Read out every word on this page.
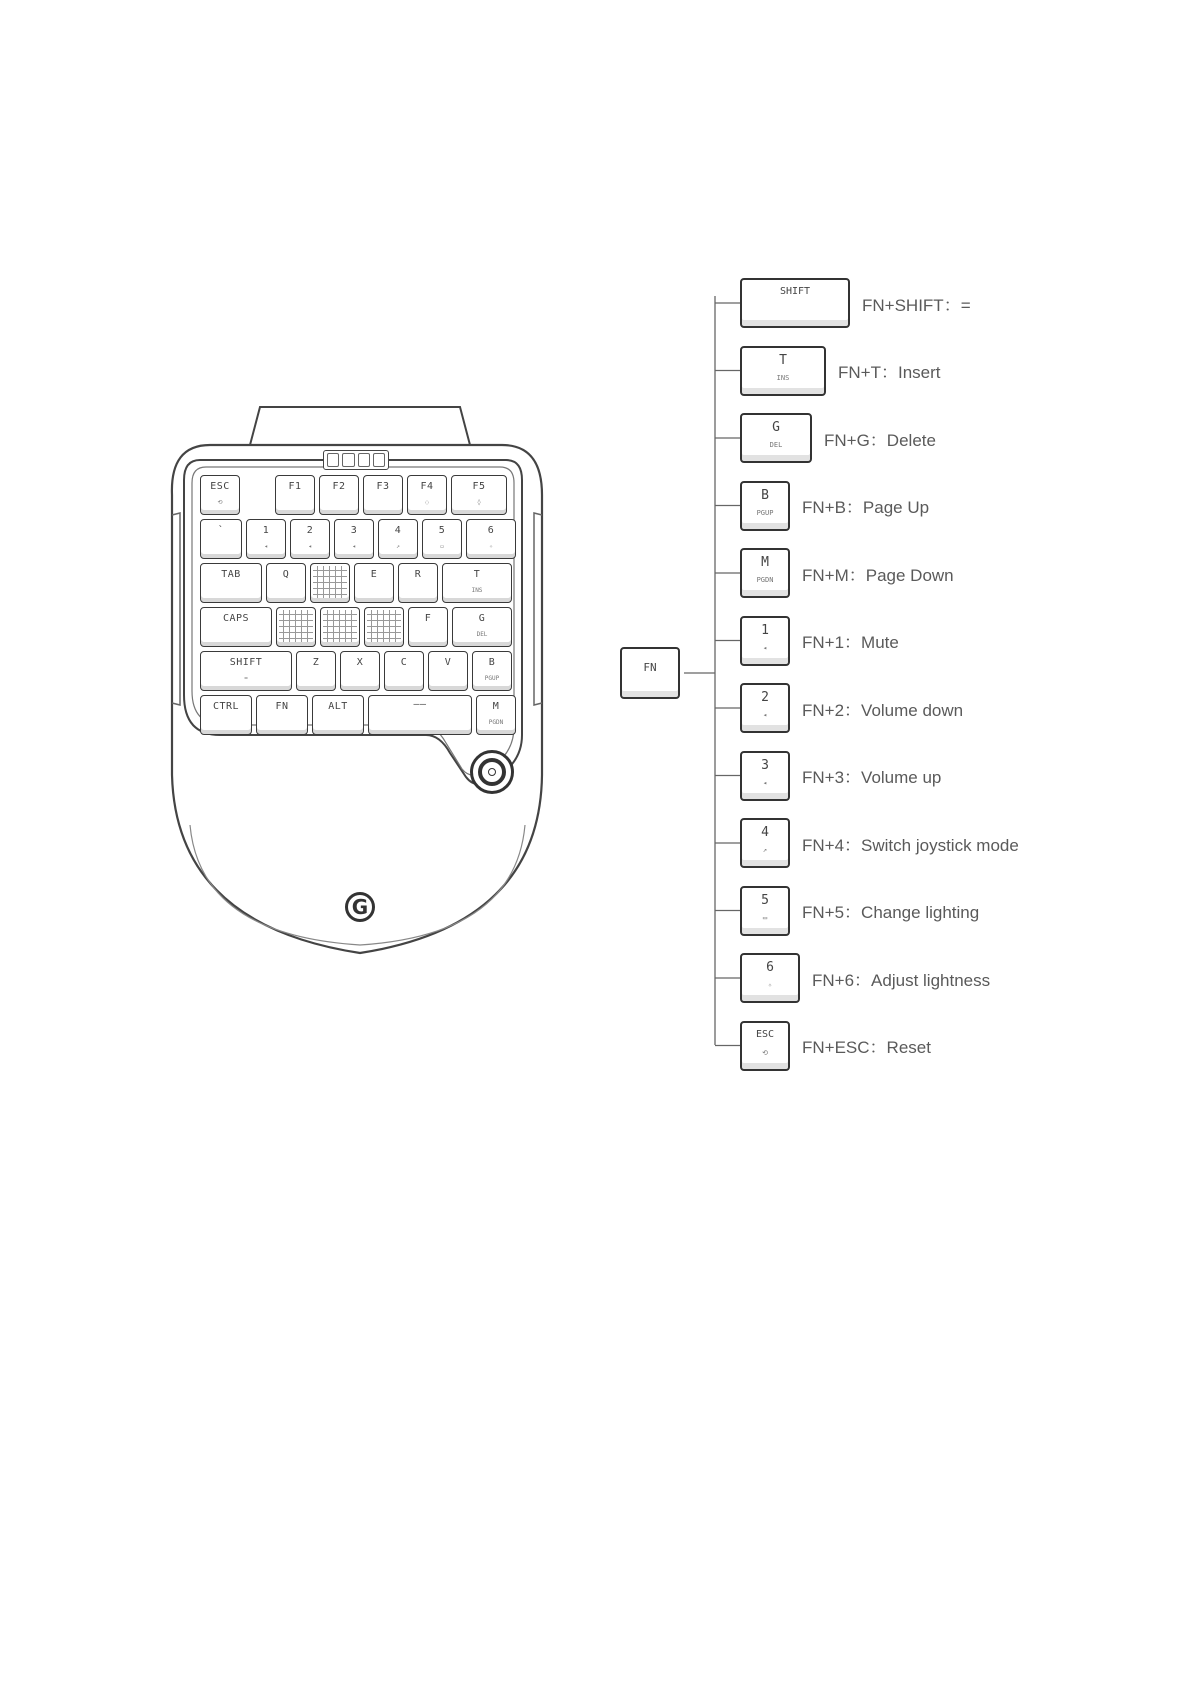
ESC
⟲
F1	F2	F3	F4
◌
F5
◊
`	1
◂
2
◂
3
◂
4
↗
5
▭
6
✧
TAB	Q	E	R	T
INS
CAPS	F	G
DEL
SHIFT
=
Z	X	C	V	B
PGUP
CTRL	FN	ALT	——	M
PGDN
G
FN
SHIFT
FN+SHIFT：=
T
INS	FN+T：Insert
G
DEL	FN+G：Delete
B
PGUP	FN+B：Page Up
M
PGDN	FN+M：Page Down
1
◂	FN+1：Mute
2
◂	FN+2：Volume down
3
◂	FN+3：Volume up
4
↗	FN+4：Switch joystick mode
5
▭	FN+5：Change lighting
6
✧	FN+6：Adjust lightness
ESC
⟲	FN+ESC：Reset
